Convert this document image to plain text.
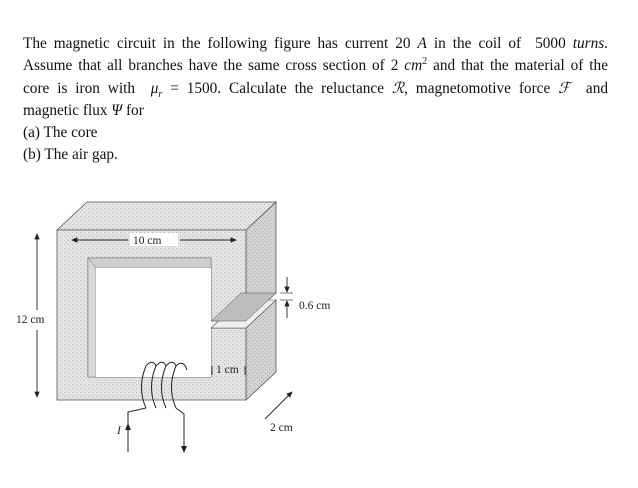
The magnetic circuit in the following figure has current 20 A in the coil of 5000 turns.
Assume that all branches have the same cross section of 2 $cm^2$ and that the material of the
core is iron with $\mu_r = 1500$. Calculate the reluctance ℛ, magnetomotive force ℱ and
magnetic flux Ψ for
(a) The core
(b) The air gap.
I
10 cm
12 cm
0.6 cm
1 cm
2 cm
